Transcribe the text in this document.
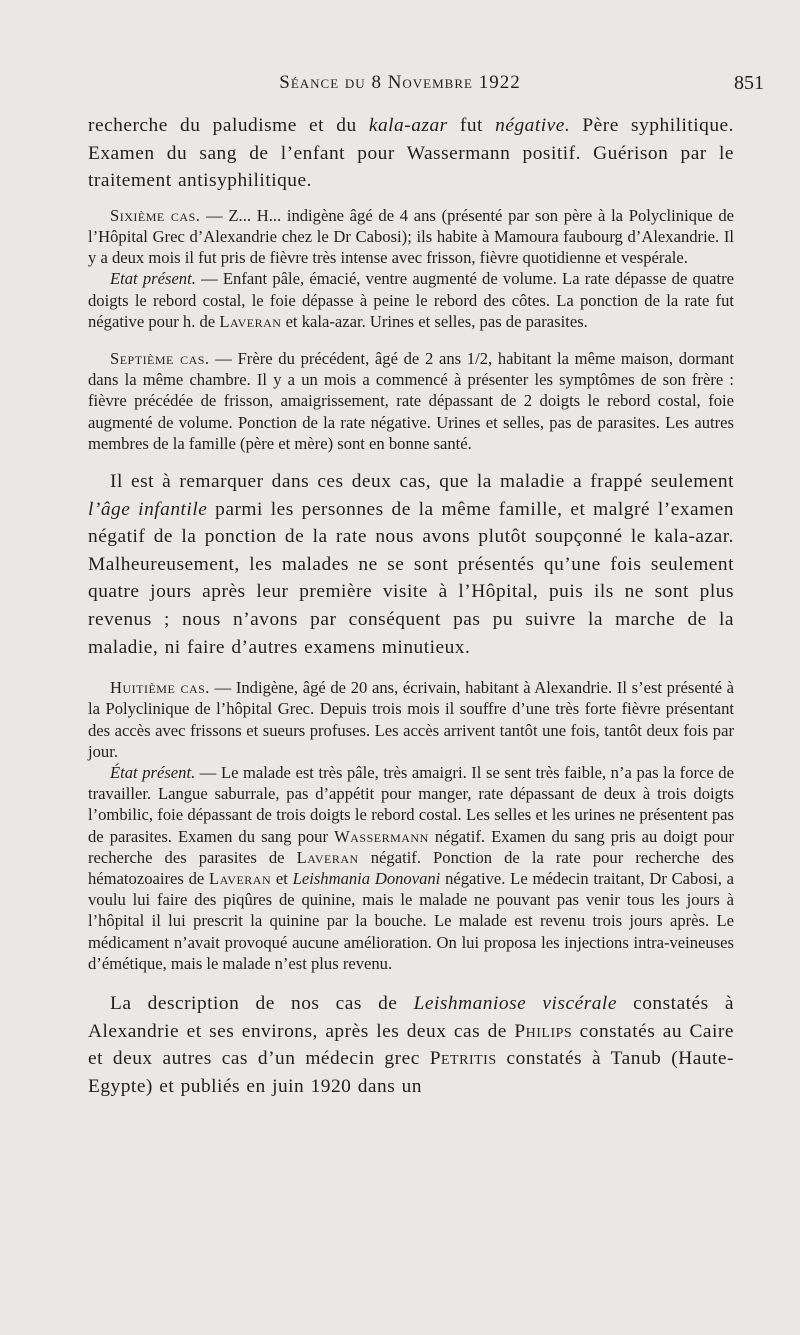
Séance du 8 Novembre 1922	851

recherche du paludisme et du kala-azar fut négative. Père syphilitique. Examen du sang de l’enfant pour Wassermann positif. Guérison par le traitement antisyphilitique.

Sixième cas. — Z... H... indigène âgé de 4 ans (présenté par son père à la Polyclinique de l’Hôpital Grec d’Alexandrie chez le Dr Cabosi); ils habite à Mamoura faubourg d’Alexandrie. Il y a deux mois il fut pris de fièvre très intense avec frisson, fièvre quotidienne et vespérale.

Etat présent. — Enfant pâle, émacié, ventre augmenté de volume. La rate dépasse de quatre doigts le rebord costal, le foie dépasse à peine le rebord des côtes. La ponction de la rate fut négative pour h. de Laveran et kala-azar. Urines et selles, pas de parasites.

Septième cas. — Frère du précédent, âgé de 2 ans 1/2, habitant la même maison, dormant dans la même chambre. Il y a un mois a commencé à présenter les symptômes de son frère : fièvre précédée de frisson, amaigrissement, rate dépassant de 2 doigts le rebord costal, foie augmenté de volume. Ponction de la rate négative. Urines et selles, pas de parasites. Les autres membres de la famille (père et mère) sont en bonne santé.

Il est à remarquer dans ces deux cas, que la maladie a frappé seulement l’âge infantile parmi les personnes de la même famille, et malgré l’examen négatif de la ponction de la rate nous avons plutôt soupçonné le kala-azar. Malheureusement, les malades ne se sont présentés qu’une fois seulement quatre jours après leur première visite à l’Hôpital, puis ils ne sont plus revenus ; nous n’avons par conséquent pas pu suivre la marche de la maladie, ni faire d’autres examens minutieux.

Huitième cas. — Indigène, âgé de 20 ans, écrivain, habitant à Alexandrie. Il s’est présenté à la Polyclinique de l’hôpital Grec. Depuis trois mois il souffre d’une très forte fièvre présentant des accès avec frissons et sueurs profuses. Les accès arrivent tantôt une fois, tantôt deux fois par jour.

État présent. — Le malade est très pâle, très amaigri. Il se sent très faible, n’a pas la force de travailler. Langue saburrale, pas d’appétit pour manger, rate dépassant de deux à trois doigts l’ombilic, foie dépassant de trois doigts le rebord costal. Les selles et les urines ne présentent pas de parasites. Examen du sang pour Wassermann négatif. Examen du sang pris au doigt pour recherche des parasites de Laveran négatif. Ponction de la rate pour recherche des hématozoaires de Laveran et Leishmania Donovani négative. Le médecin traitant, Dr Cabosi, a voulu lui faire des piqûres de quinine, mais le malade ne pouvant pas venir tous les jours à l’hôpital il lui prescrit la quinine par la bouche. Le malade est revenu trois jours après. Le médicament n’avait provoqué aucune amélioration. On lui proposa les injections intra-veineuses d’émétique, mais le malade n’est plus revenu.

La description de nos cas de Leishmaniose viscérale constatés à Alexandrie et ses environs, après les deux cas de Philips constatés au Caire et deux autres cas d’un médecin grec Petritis constatés à Tanub (Haute-Egypte) et publiés en juin 1920 dans un
